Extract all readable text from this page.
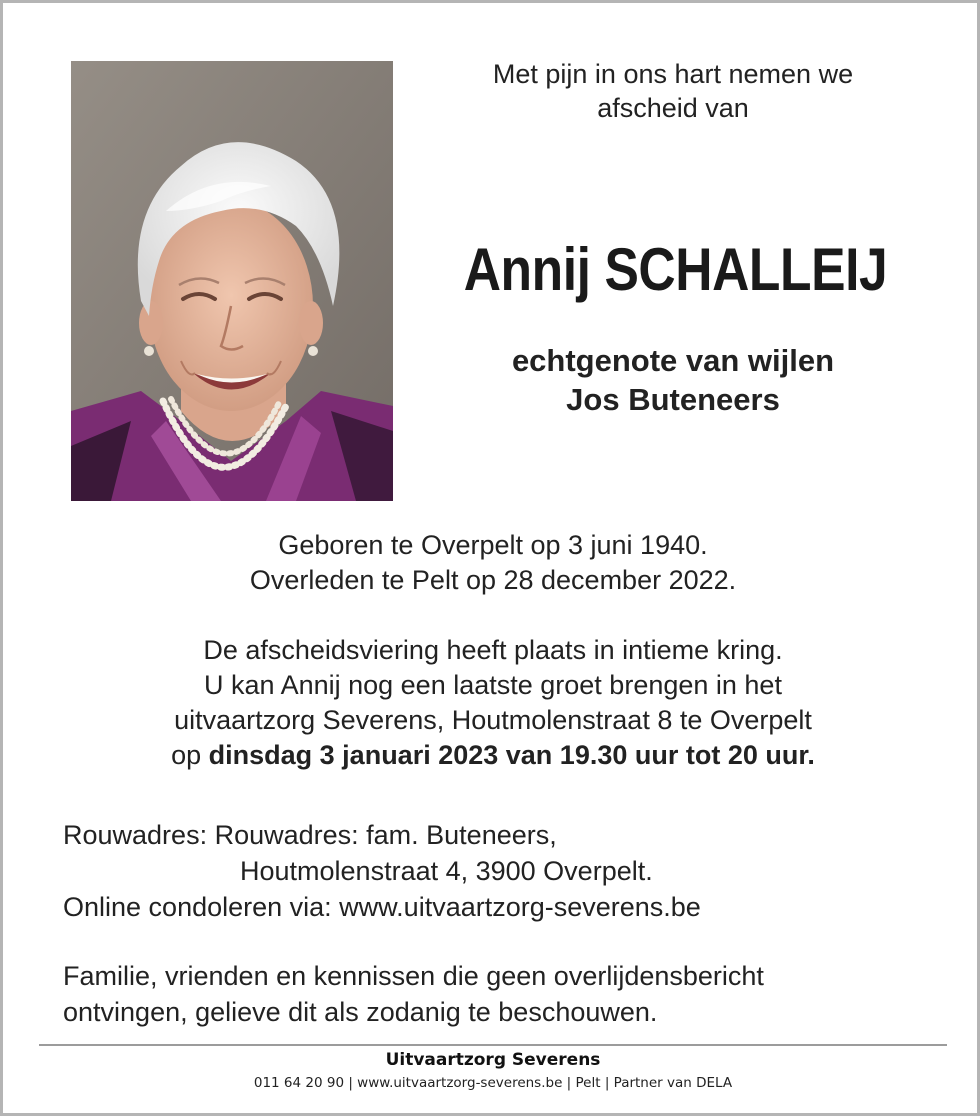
Met pijn in ons hart nemen we
afscheid van
Annij SCHALLEIJ
echtgenote van wijlen
Jos Buteneers
Geboren te Overpelt op 3 juni 1940.
Overleden te Pelt op 28 december 2022.
De afscheidsviering heeft plaats in intieme kring.
U kan Annij nog een laatste groet brengen in het
uitvaartzorg Severens, Houtmolenstraat 8 te Overpelt
op dinsdag 3 januari 2023 van 19.30 uur tot 20 uur.
Rouwadres: Rouwadres: fam. Buteneers,
Houtmolenstraat 4, 3900 Overpelt.
Online condoleren via: www.uitvaartzorg-severens.be
Familie, vrienden en kennissen die geen overlijdensbericht
ontvingen, gelieve dit als zodanig te beschouwen.
Uitvaartzorg Severens
011 64 20 90 | www.uitvaartzorg-severens.be | Pelt | Partner van DELA
